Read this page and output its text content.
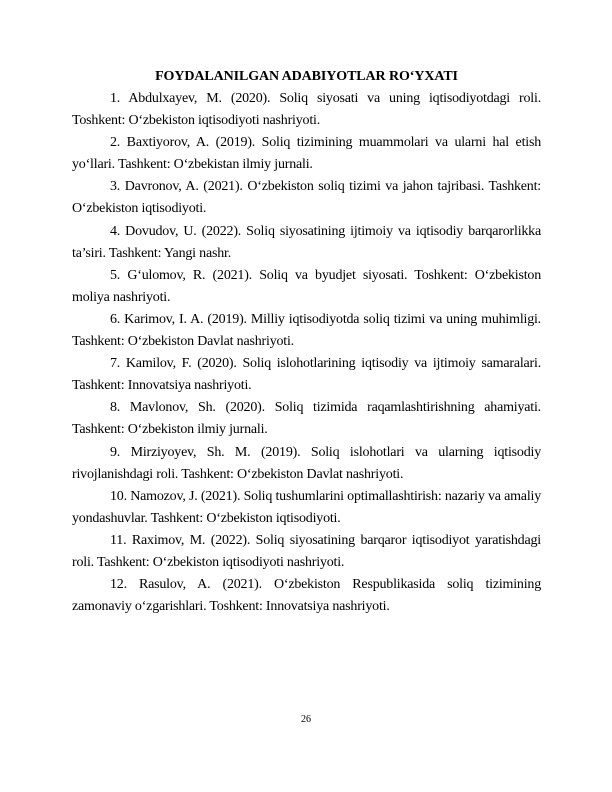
FOYDALANILGAN ADABIYOTLAR RO‘YXATI
1. Abdulxayev, M. (2020). Soliq siyosati va uning iqtisodiyotdagi roli. Toshkent: O‘zbekiston iqtisodiyoti nashriyoti.
2. Baxtiyorov, A. (2019). Soliq tizimining muammolari va ularni hal etish yo‘llari. Tashkent: O‘zbekistan ilmiy jurnali.
3. Davronov, A. (2021). O‘zbekiston soliq tizimi va jahon tajribasi. Tashkent: O‘zbekiston iqtisodiyoti.
4. Dovudov, U. (2022). Soliq siyosatining ijtimoiy va iqtisodiy barqarorlikka ta’siri. Tashkent: Yangi nashr.
5. G‘ulomov, R. (2021). Soliq va byudjet siyosati. Toshkent: O‘zbekiston moliya nashriyoti.
6. Karimov, I. A. (2019). Milliy iqtisodiyotda soliq tizimi va uning muhimligi. Tashkent: O‘zbekiston Davlat nashriyoti.
7. Kamilov, F. (2020). Soliq islohotlarining iqtisodiy va ijtimoiy samaralari. Tashkent: Innovatsiya nashriyoti.
8. Mavlonov, Sh. (2020). Soliq tizimida raqamlashtirishning ahamiyati. Tashkent: O‘zbekiston ilmiy jurnali.
9. Mirziyoyev, Sh. M. (2019). Soliq islohotlari va ularning iqtisodiy rivojlanishdagi roli. Tashkent: O‘zbekiston Davlat nashriyoti.
10. Namozov, J. (2021). Soliq tushumlarini optimallashtirish: nazariy va amaliy yondashuvlar. Tashkent: O‘zbekiston iqtisodiyoti.
11. Raximov, M. (2022). Soliq siyosatining barqaror iqtisodiyot yaratishdagi roli. Tashkent: O‘zbekiston iqtisodiyoti nashriyoti.
12. Rasulov, A. (2021). O‘zbekiston Respublikasida soliq tizimining zamonaviy o‘zgarishlari. Toshkent: Innovatsiya nashriyoti.
26
